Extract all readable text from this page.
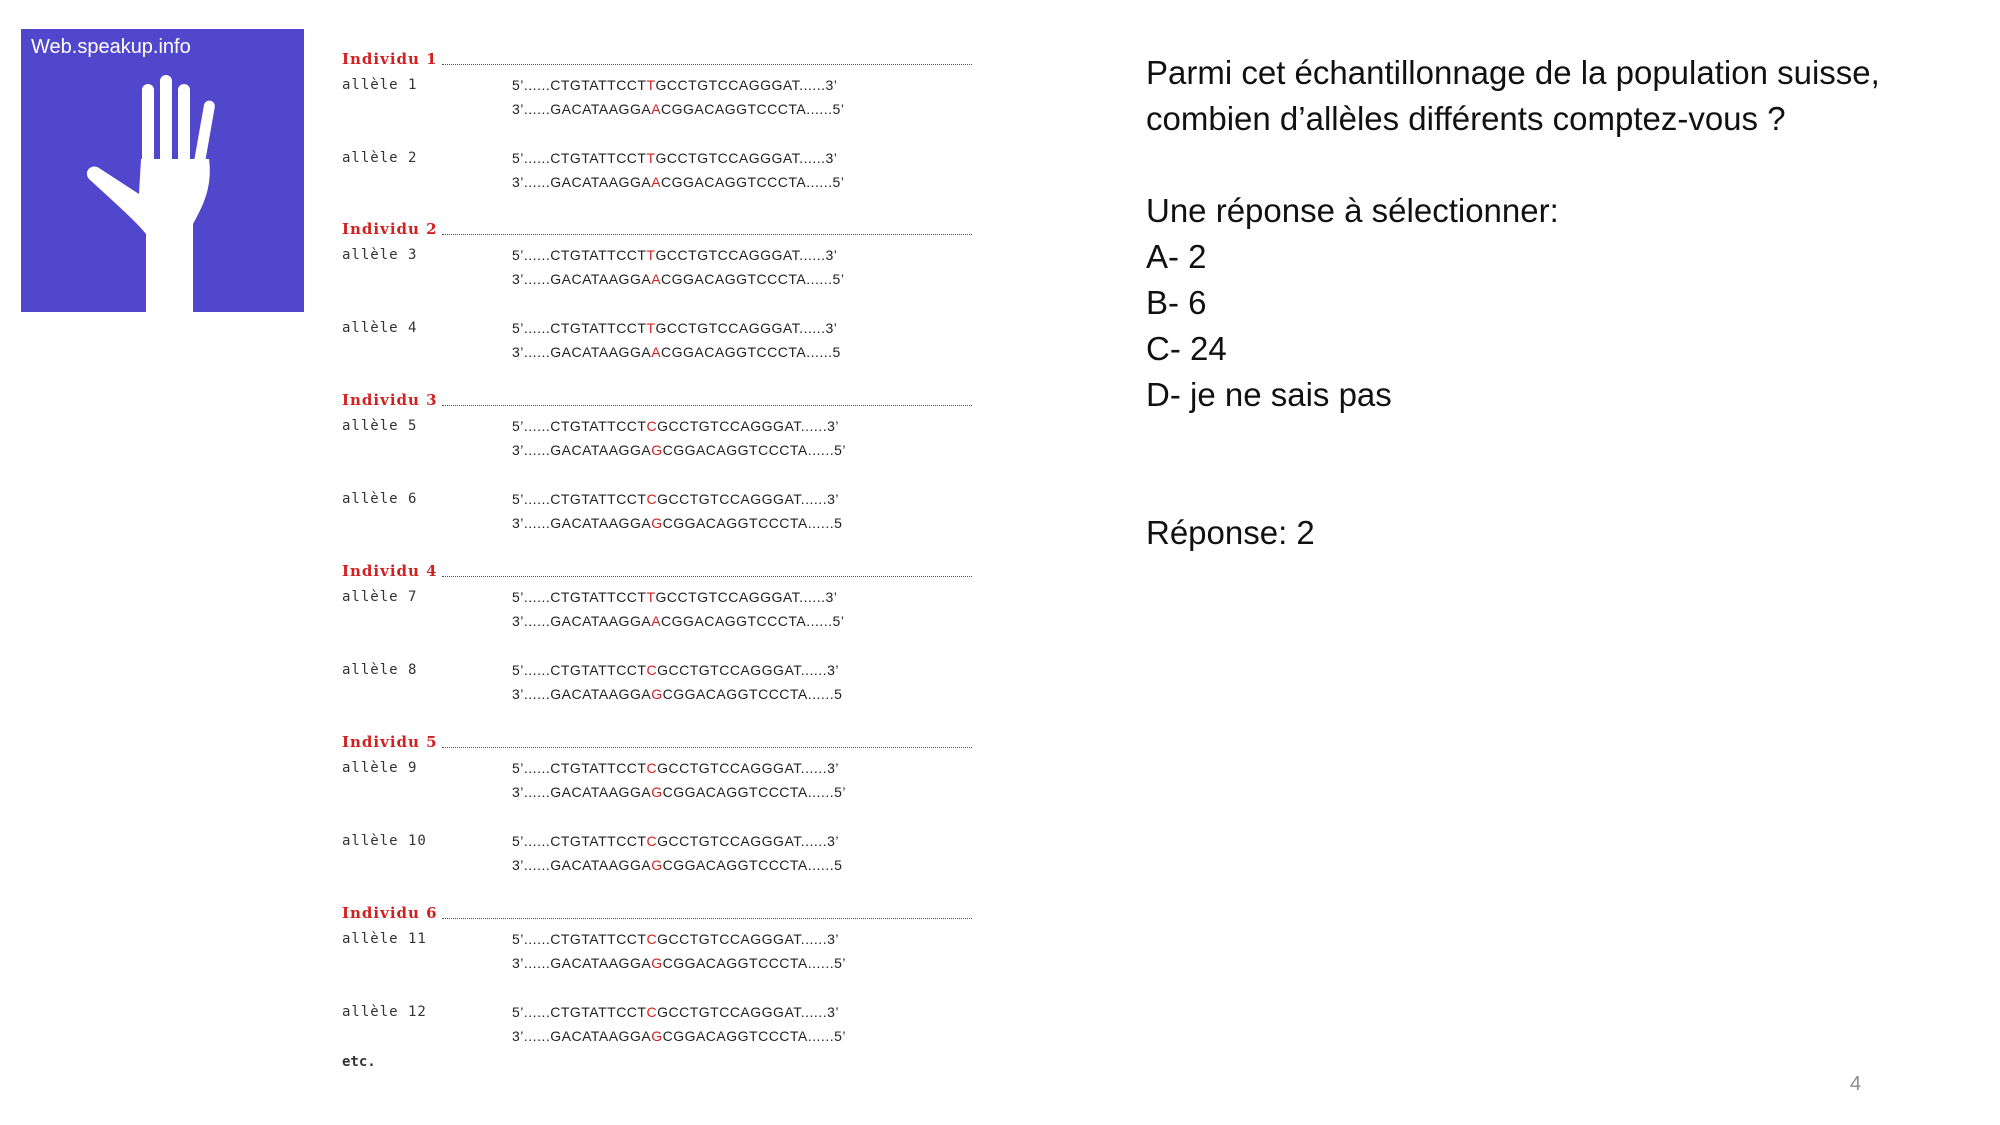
Web.speakup.info
Individu 1
allèle 1	5’......CTGTATTCCTTGCCTGTCCAGGGAT......3’
3’......GACATAAGGAACGGACAGGTCCCTA......5’
allèle 2	5’......CTGTATTCCTTGCCTGTCCAGGGAT......3’
3’......GACATAAGGAACGGACAGGTCCCTA......5’
Individu 2
allèle 3	5’......CTGTATTCCTTGCCTGTCCAGGGAT......3’
3’......GACATAAGGAACGGACAGGTCCCTA......5’
allèle 4	5’......CTGTATTCCTTGCCTGTCCAGGGAT......3’
3’......GACATAAGGAACGGACAGGTCCCTA......5
Individu 3
allèle 5	5’......CTGTATTCCTCGCCTGTCCAGGGAT......3’
3’......GACATAAGGAGCGGACAGGTCCCTA......5’
allèle 6	5’......CTGTATTCCTCGCCTGTCCAGGGAT......3’
3’......GACATAAGGAGCGGACAGGTCCCTA......5
Individu 4
allèle 7	5’......CTGTATTCCTTGCCTGTCCAGGGAT......3’
3’......GACATAAGGAACGGACAGGTCCCTA......5’
allèle 8	5’......CTGTATTCCTCGCCTGTCCAGGGAT......3’
3’......GACATAAGGAGCGGACAGGTCCCTA......5
Individu 5
allèle 9	5’......CTGTATTCCTCGCCTGTCCAGGGAT......3’
3’......GACATAAGGAGCGGACAGGTCCCTA......5’
allèle 10	5’......CTGTATTCCTCGCCTGTCCAGGGAT......3’
3’......GACATAAGGAGCGGACAGGTCCCTA......5
Individu 6
allèle 11	5’......CTGTATTCCTCGCCTGTCCAGGGAT......3’
3’......GACATAAGGAGCGGACAGGTCCCTA......5’
allèle 12	5’......CTGTATTCCTCGCCTGTCCAGGGAT......3’
3’......GACATAAGGAGCGGACAGGTCCCTA......5’
etc.

Parmi cet échantillonnage de la population suisse,

combien d’allèles différents comptez-vous ?

Une réponse à sélectionner:

A- 2

B- 6

C- 24

D- je ne sais pas

Réponse: 2

4
